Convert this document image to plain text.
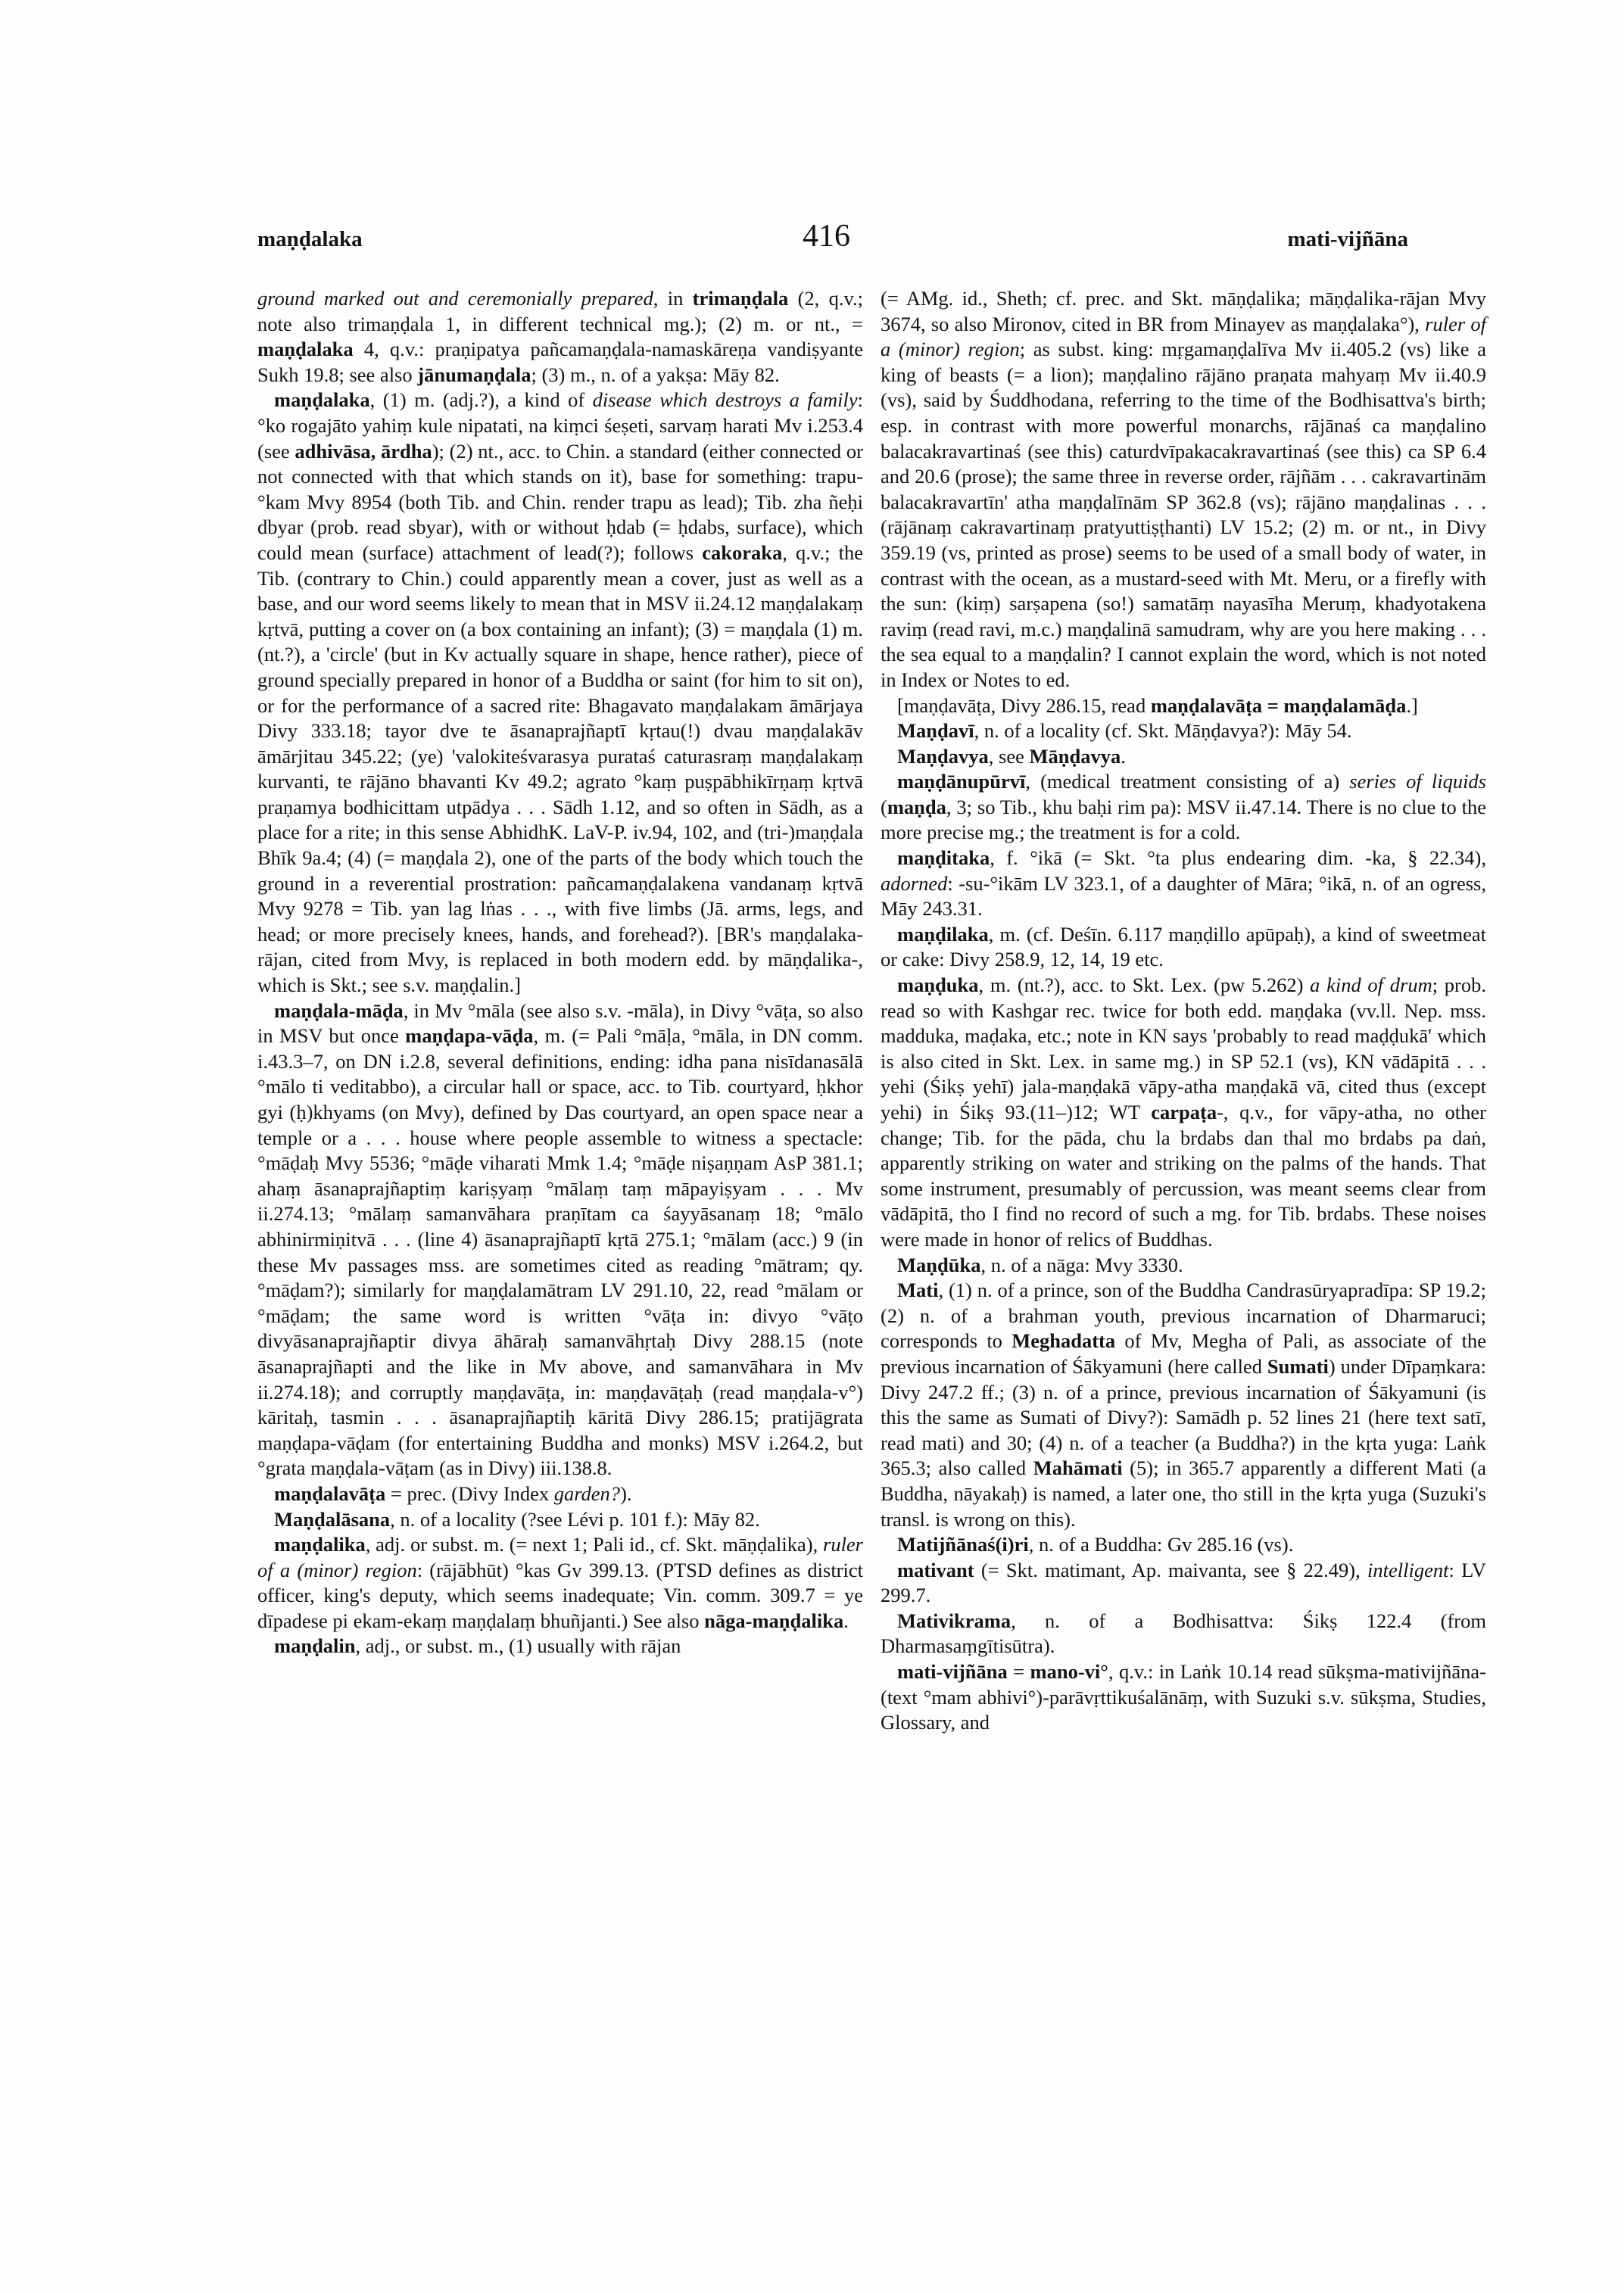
maṇḍalaka	416	mati-vijñāna

ground marked out and ceremonially prepared, in trimaṇḍala (2, q.v.; note also trimaṇḍala 1, in different technical mg.); (2) m. or nt., = maṇḍalaka 4, q.v.: praṇipatya pañcamaṇḍala-namaskāreṇa vandiṣyante Sukh 19.8; see also jānumaṇḍala; (3) m., n. of a yakṣa: Māy 82.

maṇḍalaka, (1) m. (adj.?), a kind of disease which destroys a family: °ko rogajāto yahiṃ kule nipatati, na kiṃci śeṣeti, sarvaṃ harati Mv i.253.4 (see adhivāsa, ārdha); (2) nt., acc. to Chin. a standard (either connected or not connected with that which stands on it), base for something: trapu-°kam Mvy 8954 (both Tib. and Chin. render trapu as lead); Tib. zha ñeḥi dbyar (prob. read sbyar), with or without ḥdab (= ḥdabs, surface), which could mean (surface) attachment of lead(?); follows cakoraka, q.v.; the Tib. (contrary to Chin.) could apparently mean a cover, just as well as a base, and our word seems likely to mean that in MSV ii.24.12 maṇḍalakaṃ kṛtvā, putting a cover on (a box containing an infant); (3) = maṇḍala (1) m. (nt.?), a 'circle' (but in Kv actually square in shape, hence rather), piece of ground specially prepared in honor of a Buddha or saint (for him to sit on), or for the performance of a sacred rite: Bhagavato maṇḍalakam āmārjaya Divy 333.18; tayor dve te āsanaprajñaptī kṛtau(!) dvau maṇḍalakāv āmārjitau 345.22; (ye) 'valokiteśvarasya purataś caturasraṃ maṇḍalakaṃ kurvanti, te rājāno bhavanti Kv 49.2; agrato °kaṃ puṣpābhikīrṇaṃ kṛtvā praṇamya bodhicittam utpādya . . . Sādh 1.12, and so often in Sādh, as a place for a rite; in this sense AbhidhK. LaV-P. iv.94, 102, and (tri-)maṇḍala Bhīk 9a.4; (4) (= maṇḍala 2), one of the parts of the body which touch the ground in a reverential prostration: pañcamaṇḍalakena vandanaṃ kṛtvā Mvy 9278 = Tib. yan lag lṅas . . ., with five limbs (Jā. arms, legs, and head; or more precisely knees, hands, and forehead?). [BR's maṇḍalaka-rājan, cited from Mvy, is replaced in both modern edd. by māṇḍalika-, which is Skt.; see s.v. maṇḍalin.]

maṇḍala-māḍa, in Mv °māla (see also s.v. -māla), in Divy °vāṭa, so also in MSV but once maṇḍapa-vāḍa, m. (= Pali °māḷa, °māla, in DN comm. i.43.3–7, on DN i.2.8, several definitions, ending: idha pana nisīdanasālā °mālo ti veditabbo), a circular hall or space, acc. to Tib. courtyard, ḥkhor gyi (ḥ)khyams (on Mvy), defined by Das courtyard, an open space near a temple or a . . . house where people assemble to witness a spectacle: °māḍaḥ Mvy 5536; °māḍe viharati Mmk 1.4; °māḍe niṣaṇṇam AsP 381.1; ahaṃ āsanaprajñaptiṃ kariṣyaṃ °mālaṃ taṃ māpayiṣyam . . . Mv ii.274.13; °mālaṃ samanvāhara praṇītam ca śayyāsanaṃ 18; °mālo abhinirmiṇitvā . . . (line 4) āsanaprajñaptī kṛtā 275.1; °mālam (acc.) 9 (in these Mv passages mss. are sometimes cited as reading °mātram; qy. °māḍam?); similarly for maṇḍalamātram LV 291.10, 22, read °mālam or °māḍam; the same word is written °vāṭa in: divyo °vāṭo divyāsanaprajñaptir divya āhāraḥ samanvāhṛtaḥ Divy 288.15 (note āsanaprajñapti and the like in Mv above, and samanvāhara in Mv ii.274.18); and corruptly maṇḍavāṭa, in: maṇḍavāṭaḥ (read maṇḍala-v°) kāritaḥ, tasmin . . . āsanaprajñaptiḥ kāritā Divy 286.15; pratijāgrata maṇḍapa-vāḍam (for entertaining Buddha and monks) MSV i.264.2, but °grata maṇḍala-vāṭam (as in Divy) iii.138.8.

maṇḍalavāṭa = prec. (Divy Index garden?).

Maṇḍalāsana, n. of a locality (?see Lévi p. 101 f.): Māy 82.

maṇḍalika, adj. or subst. m. (= next 1; Pali id., cf. Skt. māṇḍalika), ruler of a (minor) region: (rājābhūt) °kas Gv 399.13. (PTSD defines as district officer, king's deputy, which seems inadequate; Vin. comm. 309.7 = ye dīpadese pi ekam-ekaṃ maṇḍalaṃ bhuñjanti.) See also nāga-maṇḍalika.

maṇḍalin, adj., or subst. m., (1) usually with rājan

(= AMg. id., Sheth; cf. prec. and Skt. māṇḍalika; māṇḍalika-rājan Mvy 3674, so also Mironov, cited in BR from Minayev as maṇḍalaka°), ruler of a (minor) region; as subst. king: mṛgamaṇḍalīva Mv ii.405.2 (vs) like a king of beasts (= a lion); maṇḍalino rājāno praṇata mahyaṃ Mv ii.40.9 (vs), said by Śuddhodana, referring to the time of the Bodhisattva's birth; esp. in contrast with more powerful monarchs, rājānaś ca maṇḍalino balacakravartinaś (see this) caturdvīpakacakravartinaś (see this) ca SP 6.4 and 20.6 (prose); the same three in reverse order, rājñām . . . cakravartinām balacakravartīn' atha maṇḍalīnām SP 362.8 (vs); rājāno maṇḍalinas . . . (rājānaṃ cakravartinaṃ pratyuttiṣṭhanti) LV 15.2; (2) m. or nt., in Divy 359.19 (vs, printed as prose) seems to be used of a small body of water, in contrast with the ocean, as a mustard-seed with Mt. Meru, or a firefly with the sun: (kiṃ) sarṣapena (so!) samatāṃ nayasīha Meruṃ, khadyotakena raviṃ (read ravi, m.c.) maṇḍalinā samudram, why are you here making . . . the sea equal to a maṇḍalin? I cannot explain the word, which is not noted in Index or Notes to ed.

[maṇḍavāṭa, Divy 286.15, read maṇḍalavāṭa = maṇḍalamāḍa.]

Maṇḍavī, n. of a locality (cf. Skt. Māṇḍavya?): Māy 54.

Maṇḍavya, see Māṇḍavya.

maṇḍānupūrvī, (medical treatment consisting of a) series of liquids (maṇḍa, 3; so Tib., khu baḥi rim pa): MSV ii.47.14. There is no clue to the more precise mg.; the treatment is for a cold.

maṇḍitaka, f. °ikā (= Skt. °ta plus endearing dim. -ka, § 22.34), adorned: -su-°ikām LV 323.1, of a daughter of Māra; °ikā, n. of an ogress, Māy 243.31.

maṇḍilaka, m. (cf. Deśīn. 6.117 maṇḍillo apūpaḥ), a kind of sweetmeat or cake: Divy 258.9, 12, 14, 19 etc.

maṇḍuka, m. (nt.?), acc. to Skt. Lex. (pw 5.262) a kind of drum; prob. read so with Kashgar rec. twice for both edd. maṇḍaka (vv.ll. Nep. mss. madduka, maḍaka, etc.; note in KN says 'probably to read maḍḍukā' which is also cited in Skt. Lex. in same mg.) in SP 52.1 (vs), KN vādāpitā . . . yehi (Śikṣ yehī) jala-maṇḍakā vāpy-atha maṇḍakā vā, cited thus (except yehi) in Śikṣ 93.(11–)12; WT carpaṭa-, q.v., for vāpy-atha, no other change; Tib. for the pāda, chu la brdabs dan thal mo brdabs pa daṅ, apparently striking on water and striking on the palms of the hands. That some instrument, presumably of percussion, was meant seems clear from vādāpitā, tho I find no record of such a mg. for Tib. brdabs. These noises were made in honor of relics of Buddhas.

Maṇḍūka, n. of a nāga: Mvy 3330.

Mati, (1) n. of a prince, son of the Buddha Candrasūryapradīpa: SP 19.2; (2) n. of a brahman youth, previous incarnation of Dharmaruci; corresponds to Meghadatta of Mv, Megha of Pali, as associate of the previous incarnation of Śākyamuni (here called Sumati) under Dīpaṃkara: Divy 247.2 ff.; (3) n. of a prince, previous incarnation of Śākyamuni (is this the same as Sumati of Divy?): Samādh p. 52 lines 21 (here text satī, read mati) and 30; (4) n. of a teacher (a Buddha?) in the kṛta yuga: Laṅk 365.3; also called Mahāmati (5); in 365.7 apparently a different Mati (a Buddha, nāyakaḥ) is named, a later one, tho still in the kṛta yuga (Suzuki's transl. is wrong on this).

Matijñānaś(i)ri, n. of a Buddha: Gv 285.16 (vs).

mativant (= Skt. matimant, Ap. maivanta, see § 22.49), intelligent: LV 299.7.

Mativikrama, n. of a Bodhisattva: Śikṣ 122.4 (from Dharmasaṃgītisūtra).

mati-vijñāna = mano-vi°, q.v.: in Laṅk 10.14 read sūkṣma-mativijñāna-(text °mam abhivi°)-parāvṛttikuśalānāṃ, with Suzuki s.v. sūkṣma, Studies, Glossary, and
